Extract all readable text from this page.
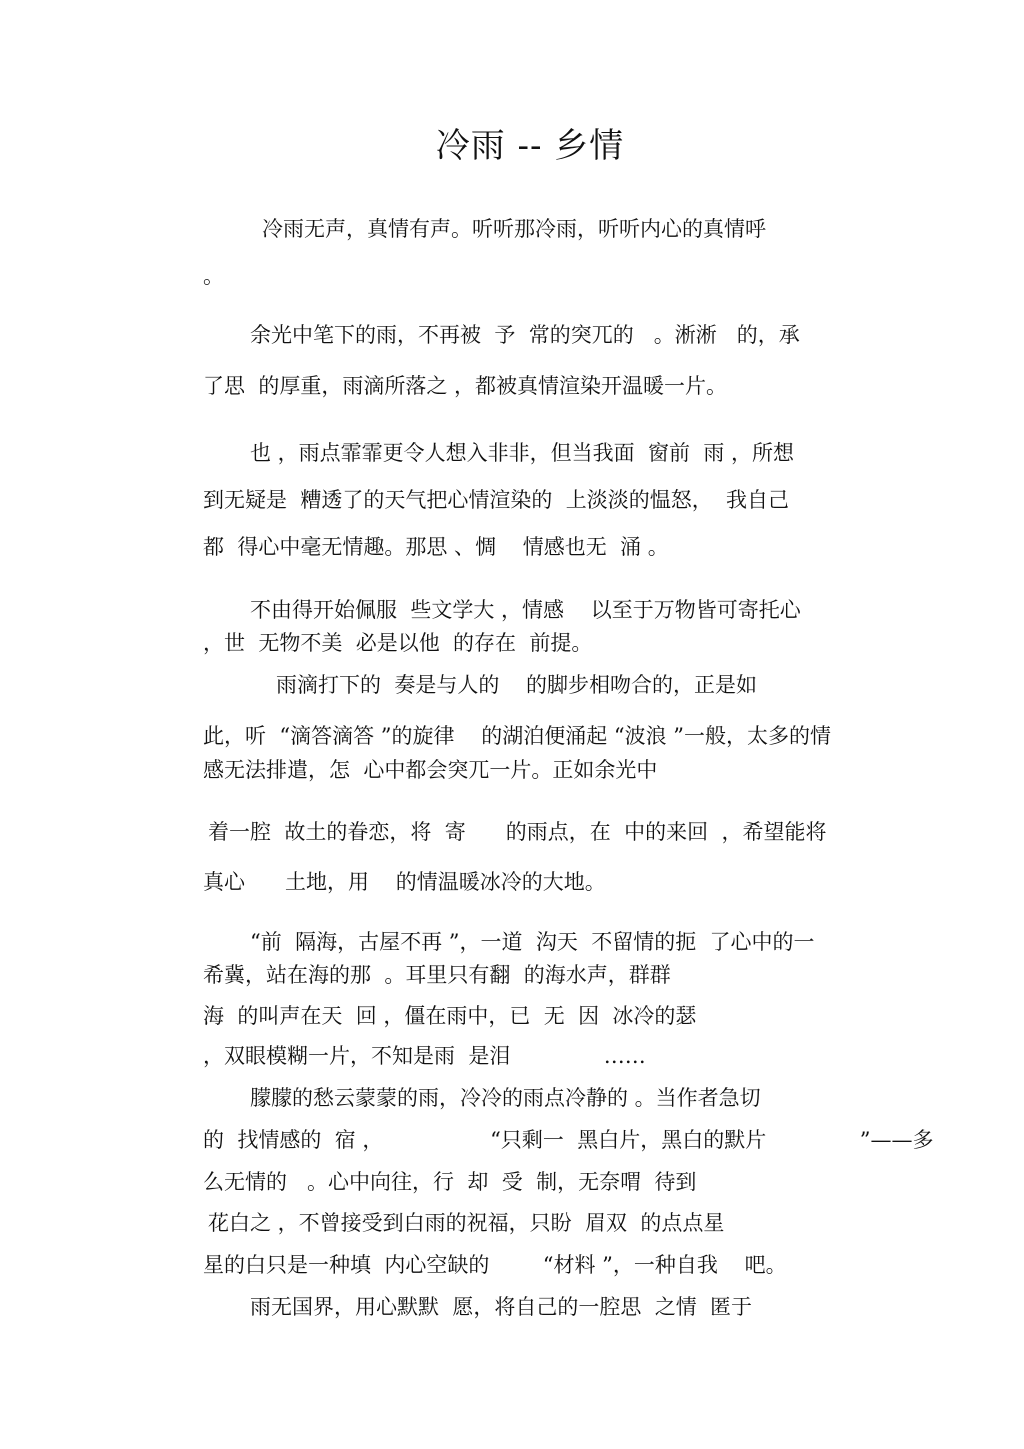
冷雨 -- 乡情
冷雨无声，真情有声。听听那冷雨，听听内心的真情呼
。
余光中笔下的雨，不再被  予  常的突兀的   。淅淅   的，承
了思  的厚重，雨滴所落之 ，都被真情渲染开温暖一片。
也 ，雨点霏霏更令人想入非非，但当我面  窗前  雨 ，所想
到无疑是  糟透了的天气把心情渲染的  上淡淡的愠怒，  我自己
都  得心中毫无情趣。那思 、惆    情感也无  涌 。
不由得开始佩服  些文学大 ，情感    以至于万物皆可寄托心
，世  无物不美  必是以他  的存在  前提。
雨滴打下的  奏是与人的    的脚步相吻合的，正是如
此，听  “滴答滴答 ”的旋律    的湖泊便涌起 “波浪 ”一般，太多的情
感无法排遣，怎  心中都会突兀一片。正如余光中
着一腔  故土的眷恋，将  寄      的雨点，在  中的来回  ，希望能将
真心      土地，用    的情温暖冰冷的大地。
“前  隔海，古屋不再 ”，一道  沟天  不留情的扼  了心中的一
希冀，站在海的那  。耳里只有翻  的海水声，群群
海  的叫声在天  回 ，僵在雨中，已  无  因  冰冷的瑟
，双眼模糊一片，不知是雨  是泪              ……
朦朦的愁云蒙蒙的雨，冷冷的雨点冷静的 。当作者急切
的  找情感的  宿 ，                “只剩一  黑白片，黑白的默片              ”——多
么无情的   。心中向往，行  却  受  制，无奈喟  待到
花白之 ，不曾接受到白雨的祝福，只盼  眉双  的点点星
星的白只是一种填  内心空缺的        “材料 ”，一种自我    吧。
雨无国界，用心默默  愿，将自己的一腔思  之情  匿于
